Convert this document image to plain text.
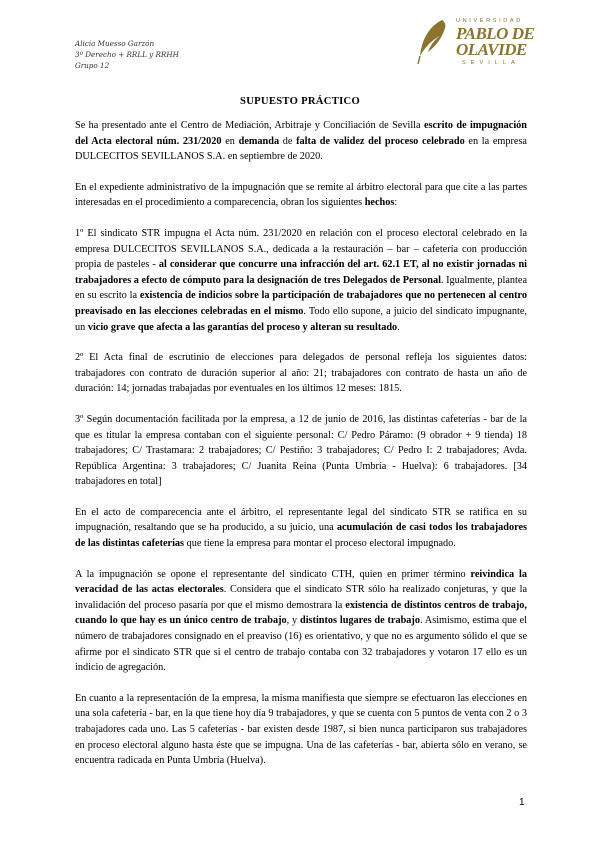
Alicia Muesso Garzón
3º Derecho + RRLL y RRHH
Grupo 12
UNIVERSIDAD
PABLO DE
OLAVIDE
SEVILLA
SUPUESTO PRÁCTICO

Se ha presentado ante el Centro de Mediación, Arbitraje y Conciliación de Sevilla escrito de impugnación del Acta electoral núm. 231/2020 en demanda de falta de validez del proceso celebrado en la empresa DULCECITOS SEVILLANOS S.A. en septiembre de 2020.

En el expediente administrativo de la impugnación que se remite al árbitro electoral para que cite a las partes interesadas en el procedimiento a comparecencia, obran los siguientes hechos:

1º El sindicato STR impugna el Acta núm. 231/2020 en relación con el proceso electoral celebrado en la empresa DULCECITOS SEVILLANOS S.A., dedicada a la restauración – bar – cafetería con producción propia de pasteles - al considerar que concurre una infracción del art. 62.1 ET, al no existir jornadas ni trabajadores a efecto de cómputo para la designación de tres Delegados de Personal. Igualmente, plantea en su escrito la existencia de indicios sobre la participación de trabajadores que no pertenecen al centro preavisado en las elecciones celebradas en el mismo. Todo ello supone, a juicio del sindicato impugnante, un vicio grave que afecta a las garantías del proceso y alteran su resultado.

2º El Acta final de escrutinio de elecciones para delegados de personal refleja los siguientes datos: trabajadores con contrato de duración superior al año: 21; trabajadores con contrato de hasta un año de duración: 14; jornadas trabajadas por eventuales en los últimos 12 meses: 1815.

3º Según documentación facilitada por la empresa, a 12 de junio de 2016, las distintas cafeterías - bar de la que es titular la empresa contaban con el siguiente personal: C/ Pedro Páramo: (9 obrador + 9 tienda) 18 trabajadores; C/ Trastamara: 2 trabajadores; C/ Pestiño: 3 trabajadores; C/ Pedro I: 2 trabajadores; Avda. República Argentina: 3 trabajadores; C/ Juanita Reina (Punta Umbría - Huelva): 6 trabajadores. [34 trabajadores en total]

En el acto de comparecencia ante el árbitro, el representante legal del sindicato STR se ratifica en su impugnación, resaltando que se ha producido, a su juicio, una acumulación de casi todos los trabajadores de las distintas cafeterías que tiene la empresa para montar el proceso electoral impugnado.

A la impugnación se opone el representante del sindicato CTH, quien en primer término reivindica la veracidad de las actas electorales. Considera que el sindicato STR sólo ha realizado conjeturas, y que la invalidación del proceso pasaría por que el mismo demostrara la existencia de distintos centros de trabajo, cuando lo que hay es un único centro de trabajo, y distintos lugares de trabajo. Asimismo, estima que el número de trabajadores consignado en el preaviso (16) es orientativo, y que no es argumento sólido el que se afirme por el sindicato STR que si el centro de trabajo contaba con 32 trabajadores y votaron 17 ello es un indicio de agregación.

En cuanto a la representación de la empresa, la misma manifiesta que siempre se efectuaron las elecciones en una sola cafetería - bar, en la que tiene hoy día 9 trabajadores, y que se cuenta con 5 puntos de venta con 2 o 3 trabajadores cada uno. Las 5 cafeterías - bar existen desde 1987, si bien nunca participaron sus trabajadores en proceso electoral alguno hasta éste que se impugna. Una de las cafeterías - bar, abierta sólo en verano, se encuentra radicada en Punta Umbría (Huelva).

1
